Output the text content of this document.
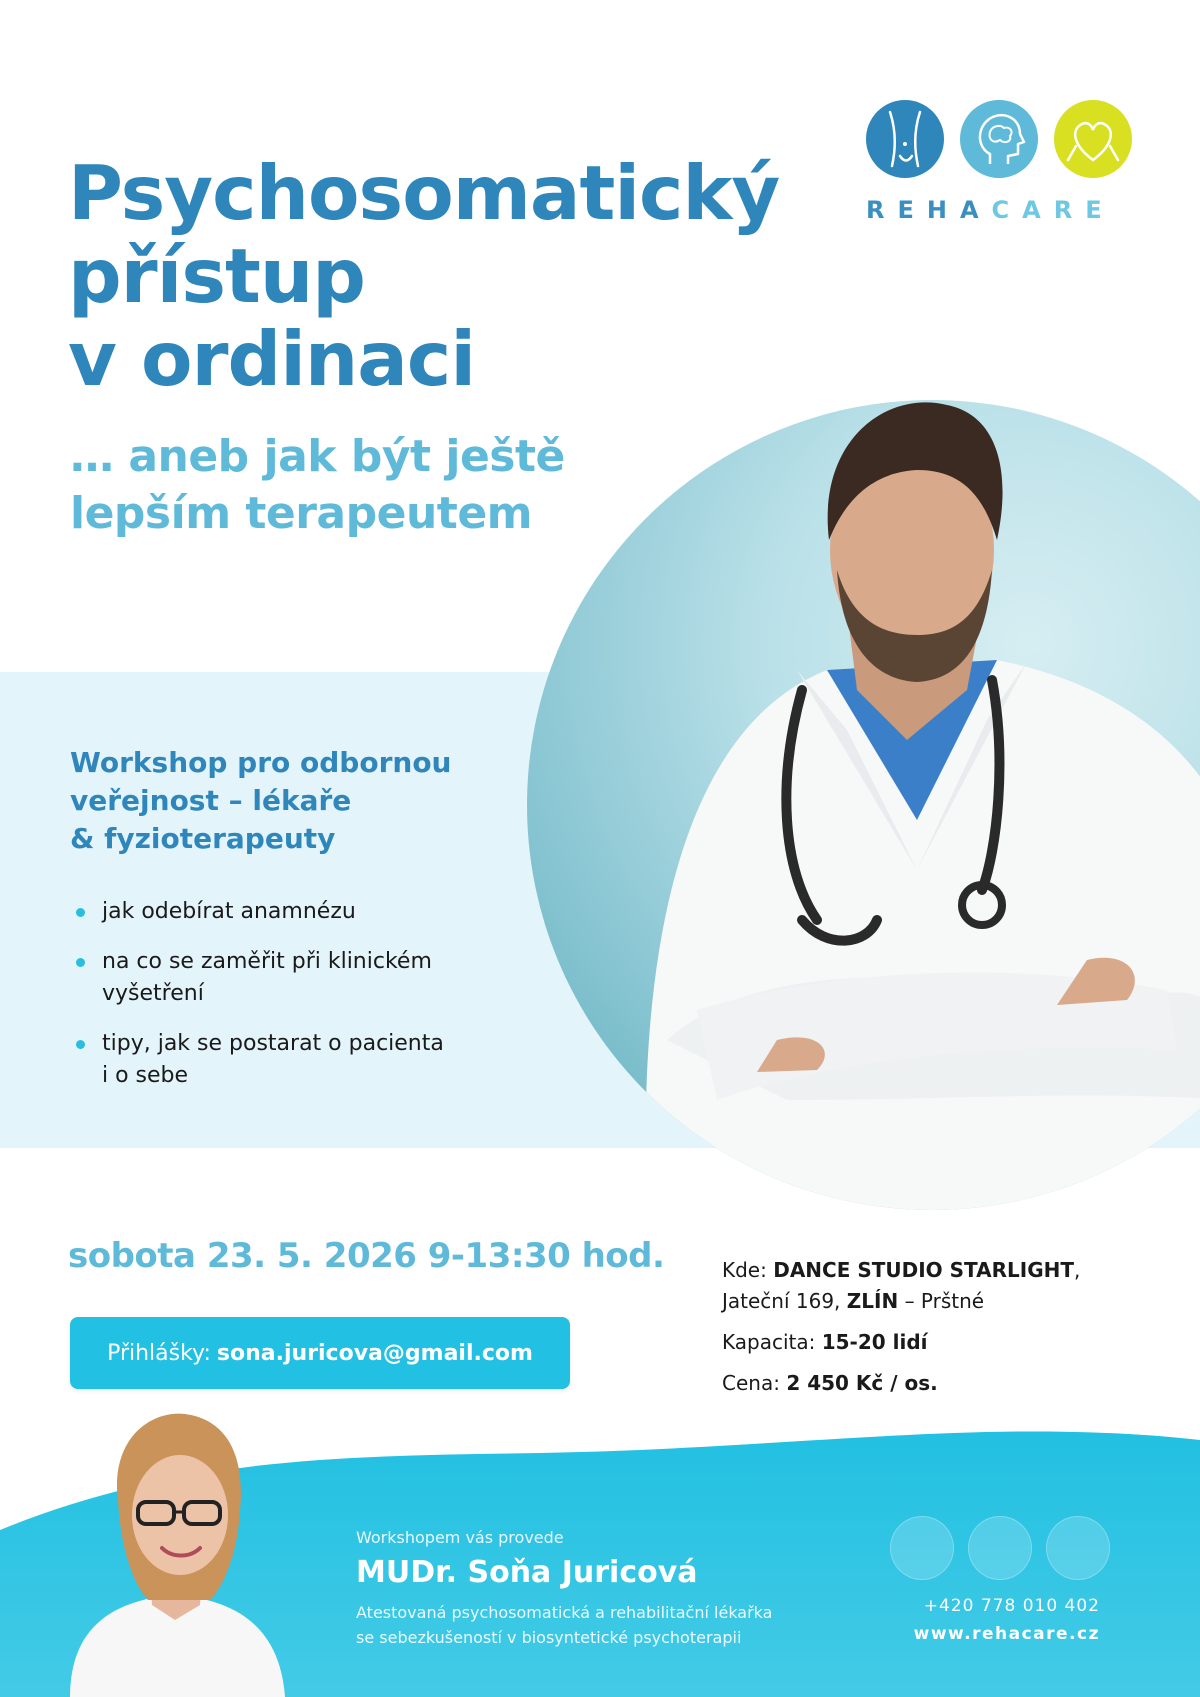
Psychosomatický
přístup
v ordinaci
… aneb jak být ještě
lepším terapeutem
REHACARE
Workshop pro odbornou
veřejnost – lékaře
& fyzioterapeuty
jak odebírat anamnézu
na co se zaměřit při klinickém
vyšetření
tipy, jak se postarat o pacienta
i o sebe
sobota 23. 5. 2026 9-13:30 hod.
Přihlášky: sona.juricova@gmail.com

Kde: DANCE STUDIO STARLIGHT,
Jateční 169, ZLÍN – Prštné

Kapacita: 15-20 lidí

Cena: 2 450 Kč / os.

Workshopem vás provede
MUDr. Soňa Juricová
Atestovaná psychosomatická a rehabilitační lékařka
se sebezkušeností v biosyntetické psychoterapii
+420 778 010 402
www.rehacare.cz
